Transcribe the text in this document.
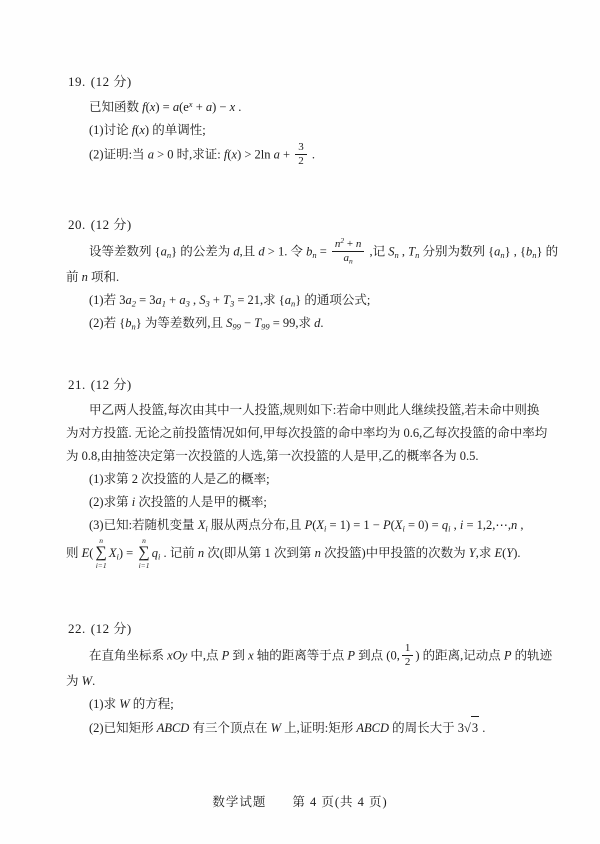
19. (12 分)
已知函数 $f(x) = a(e^x + a) - x$ .
(1)讨论 f(x) 的单调性;
(2)证明:当 a > 0 时,求证: f(x) > 2ln $a + \frac{3}{2}$ .
20. (12 分)
设等差数列 $\{a_n\}$ 的公差为 d,且 d > 1. 令 $b_n = \frac{n^2 + n}{a_n}$ ,记 $S_n$ , $T_n$ 分别为数列 $\{a_n\}$ , $\{b_n\}$ 的
前 n 项和.
(1)若 $3a_2 = 3a_1 + a_3$ , $S_3 + T_3 = 21$,求 $\{a_n\}$ 的通项公式;
(2)若 $\{b_n\}$ 为等差数列,且 $S_{99} - T_{99} = 99$,求 d.
21. (12 分)
甲乙两人投篮,每次由其中一人投篮,规则如下:若命中则此人继续投篮,若未命中则换
为对方投篮. 无论之前投篮情况如何,甲每次投篮的命中率均为 0.6,乙每次投篮的命中率均
为 0.8,由抽签决定第一次投篮的人选,第一次投篮的人是甲,乙的概率各为 0.5.
(1)求第 2 次投篮的人是乙的概率;
(2)求第 i 次投篮的人是甲的概率;
(3)已知:若随机变量 $X_i$ 服从两点分布,且 $P(X_i = 1) = 1 - P(X_i = 0) = q_i$ , i = 1,2,⋯,n ,
则 E(
n
∑
i=1
$X_i$) =
n
∑
i=1
$q_i$ . 记前 n 次(即从第 1 次到第 n 次投篮)中甲投篮的次数为 Y,求 E(Y).
22. (12 分)
在直角坐标系 xOy 中,点 P 到 x 轴的距离等于点 P 到点 (0, $\frac{1}{2}$ ) 的距离,记动点 P 的轨迹
为 W.
(1)求 W 的方程;
(2)已知矩形 ABCD 有三个顶点在 W 上,证明:矩形 ABCD 的周长大于 3 √ 3 .
数学试题 第 4 页(共 4 页)
